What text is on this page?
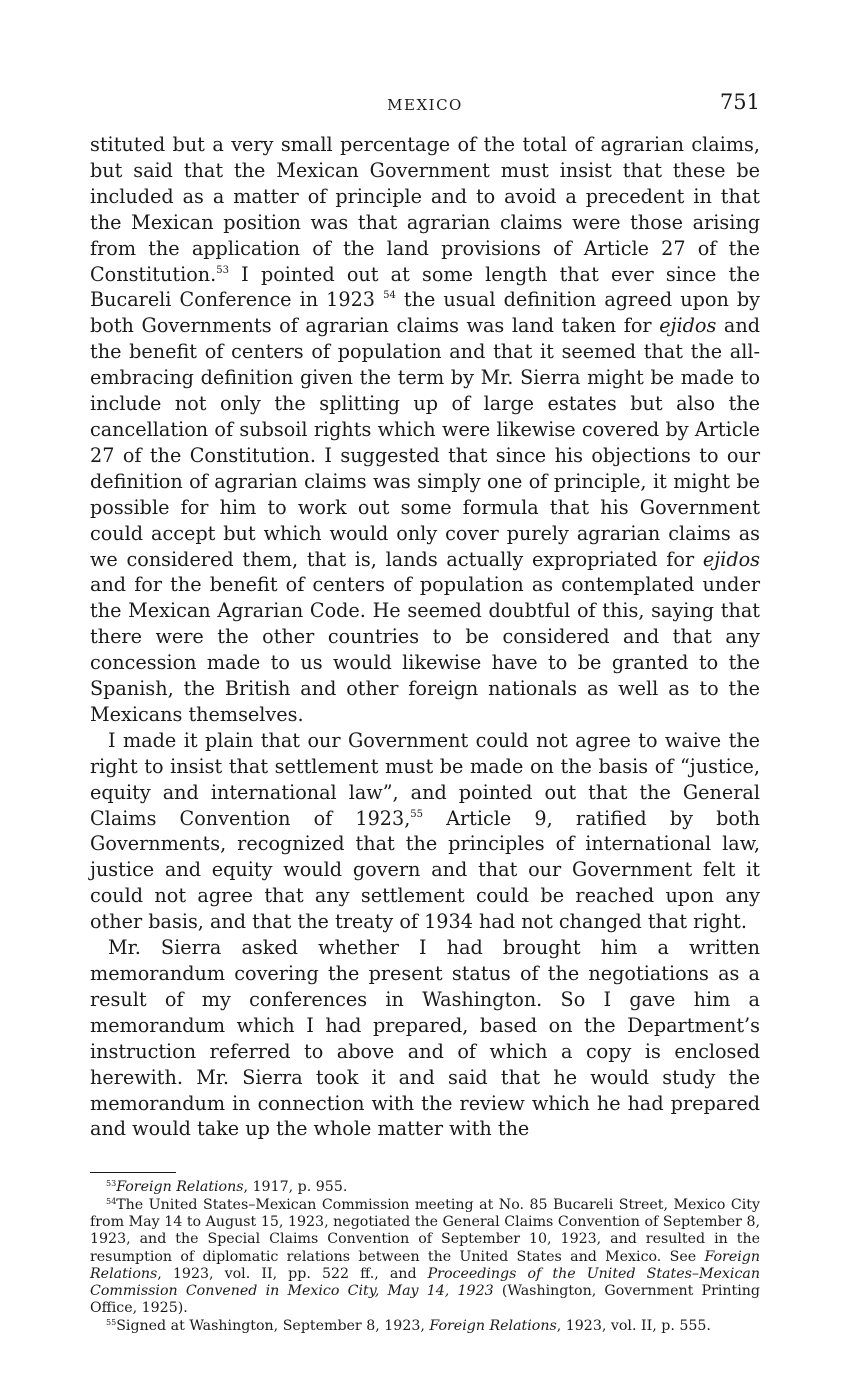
MEXICO	751

stituted but a very small percentage of the total of agrarian claims, but said that the Mexican Government must insist that these be included as a matter of principle and to avoid a precedent in that the Mexican position was that agrarian claims were those arising from the application of the land provisions of Article 27 of the Constitution.$^{53}$ I pointed out at some length that ever since the Bucareli Conference in 1923 $^{54}$ the usual definition agreed upon by both Governments of agrarian claims was land taken for ejidos and the benefit of centers of population and that it seemed that the all-embracing definition given the term by Mr. Sierra might be made to include not only the splitting up of large estates but also the cancellation of subsoil rights which were likewise covered by Article 27 of the Constitution. I suggested that since his objections to our definition of agrarian claims was simply one of principle, it might be possible for him to work out some formula that his Government could accept but which would only cover purely agrarian claims as we considered them, that is, lands actually expropriated for ejidos and for the benefit of centers of population as contemplated under the Mexican Agrarian Code. He seemed doubtful of this, saying that there were the other countries to be considered and that any concession made to us would likewise have to be granted to the Spanish, the British and other foreign nationals as well as to the Mexicans themselves.

I made it plain that our Government could not agree to waive the right to insist that settlement must be made on the basis of “justice, equity and international law”, and pointed out that the General Claims Convention of 1923,55 Article 9, ratified by both Governments, recognized that the principles of international law, justice and equity would govern and that our Government felt it could not agree that any settlement could be reached upon any other basis, and that the treaty of 1934 had not changed that right.

Mr. Sierra asked whether I had brought him a written memorandum covering the present status of the negotiations as a result of my conferences in Washington. So I gave him a memorandum which I had prepared, based on the Department’s instruction referred to above and of which a copy is enclosed herewith. Mr. Sierra took it and said that he would study the memorandum in connection with the review which he had prepared and would take up the whole matter with the

$^{53}$Foreign Relations, 1917, p. 955.

$^{54}$The United States–Mexican Commission meeting at No. 85 Bucareli Street, Mexico City from May 14 to August 15, 1923, negotiated the General Claims Convention of September 8, 1923, and the Special Claims Convention of September 10, 1923, and resulted in the resumption of diplomatic relations between the United States and Mexico. See Foreign Relations, 1923, vol. II, pp. 522 ff., and Proceedings of the United States–Mexican Commission Convened in Mexico City, May 14, 1923 (Washington, Government Printing Office, 1925).

$^{55}$Signed at Washington, September 8, 1923, Foreign Relations, 1923, vol. II, p. 555.
